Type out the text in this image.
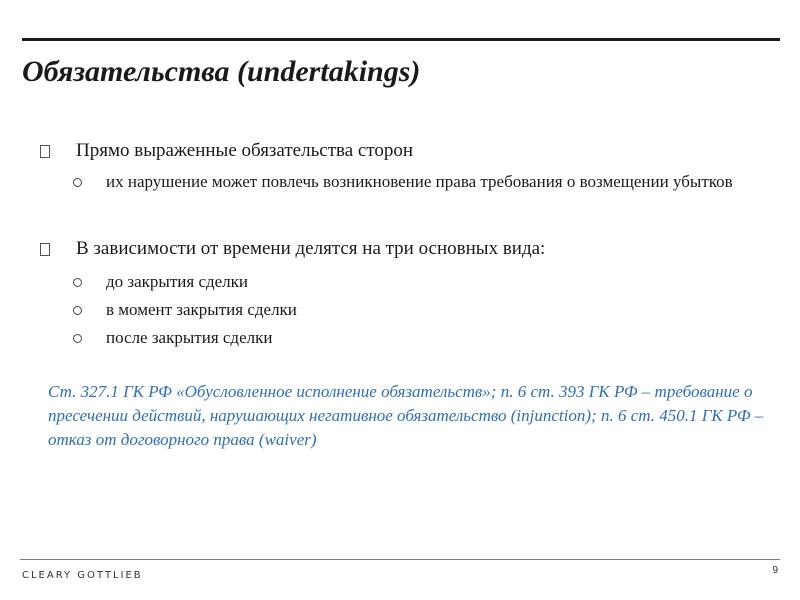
Обязательства (undertakings)
Прямо выраженные обязательства сторон
их нарушение может повлечь возникновение права требования о возмещении убытков
В зависимости от времени делятся на три основных вида:
до закрытия сделки
в момент закрытия сделки
после закрытия сделки
Ст. 327.1 ГК РФ «Обусловленное исполнение обязательств»; п. 6 ст. 393 ГК РФ – требование о пресечении действий, нарушающих негативное обязательство (injunction); п. 6 ст. 450.1 ГК РФ – отказ от договорного права (waiver)
CLEARY GOTTLIEB	9
